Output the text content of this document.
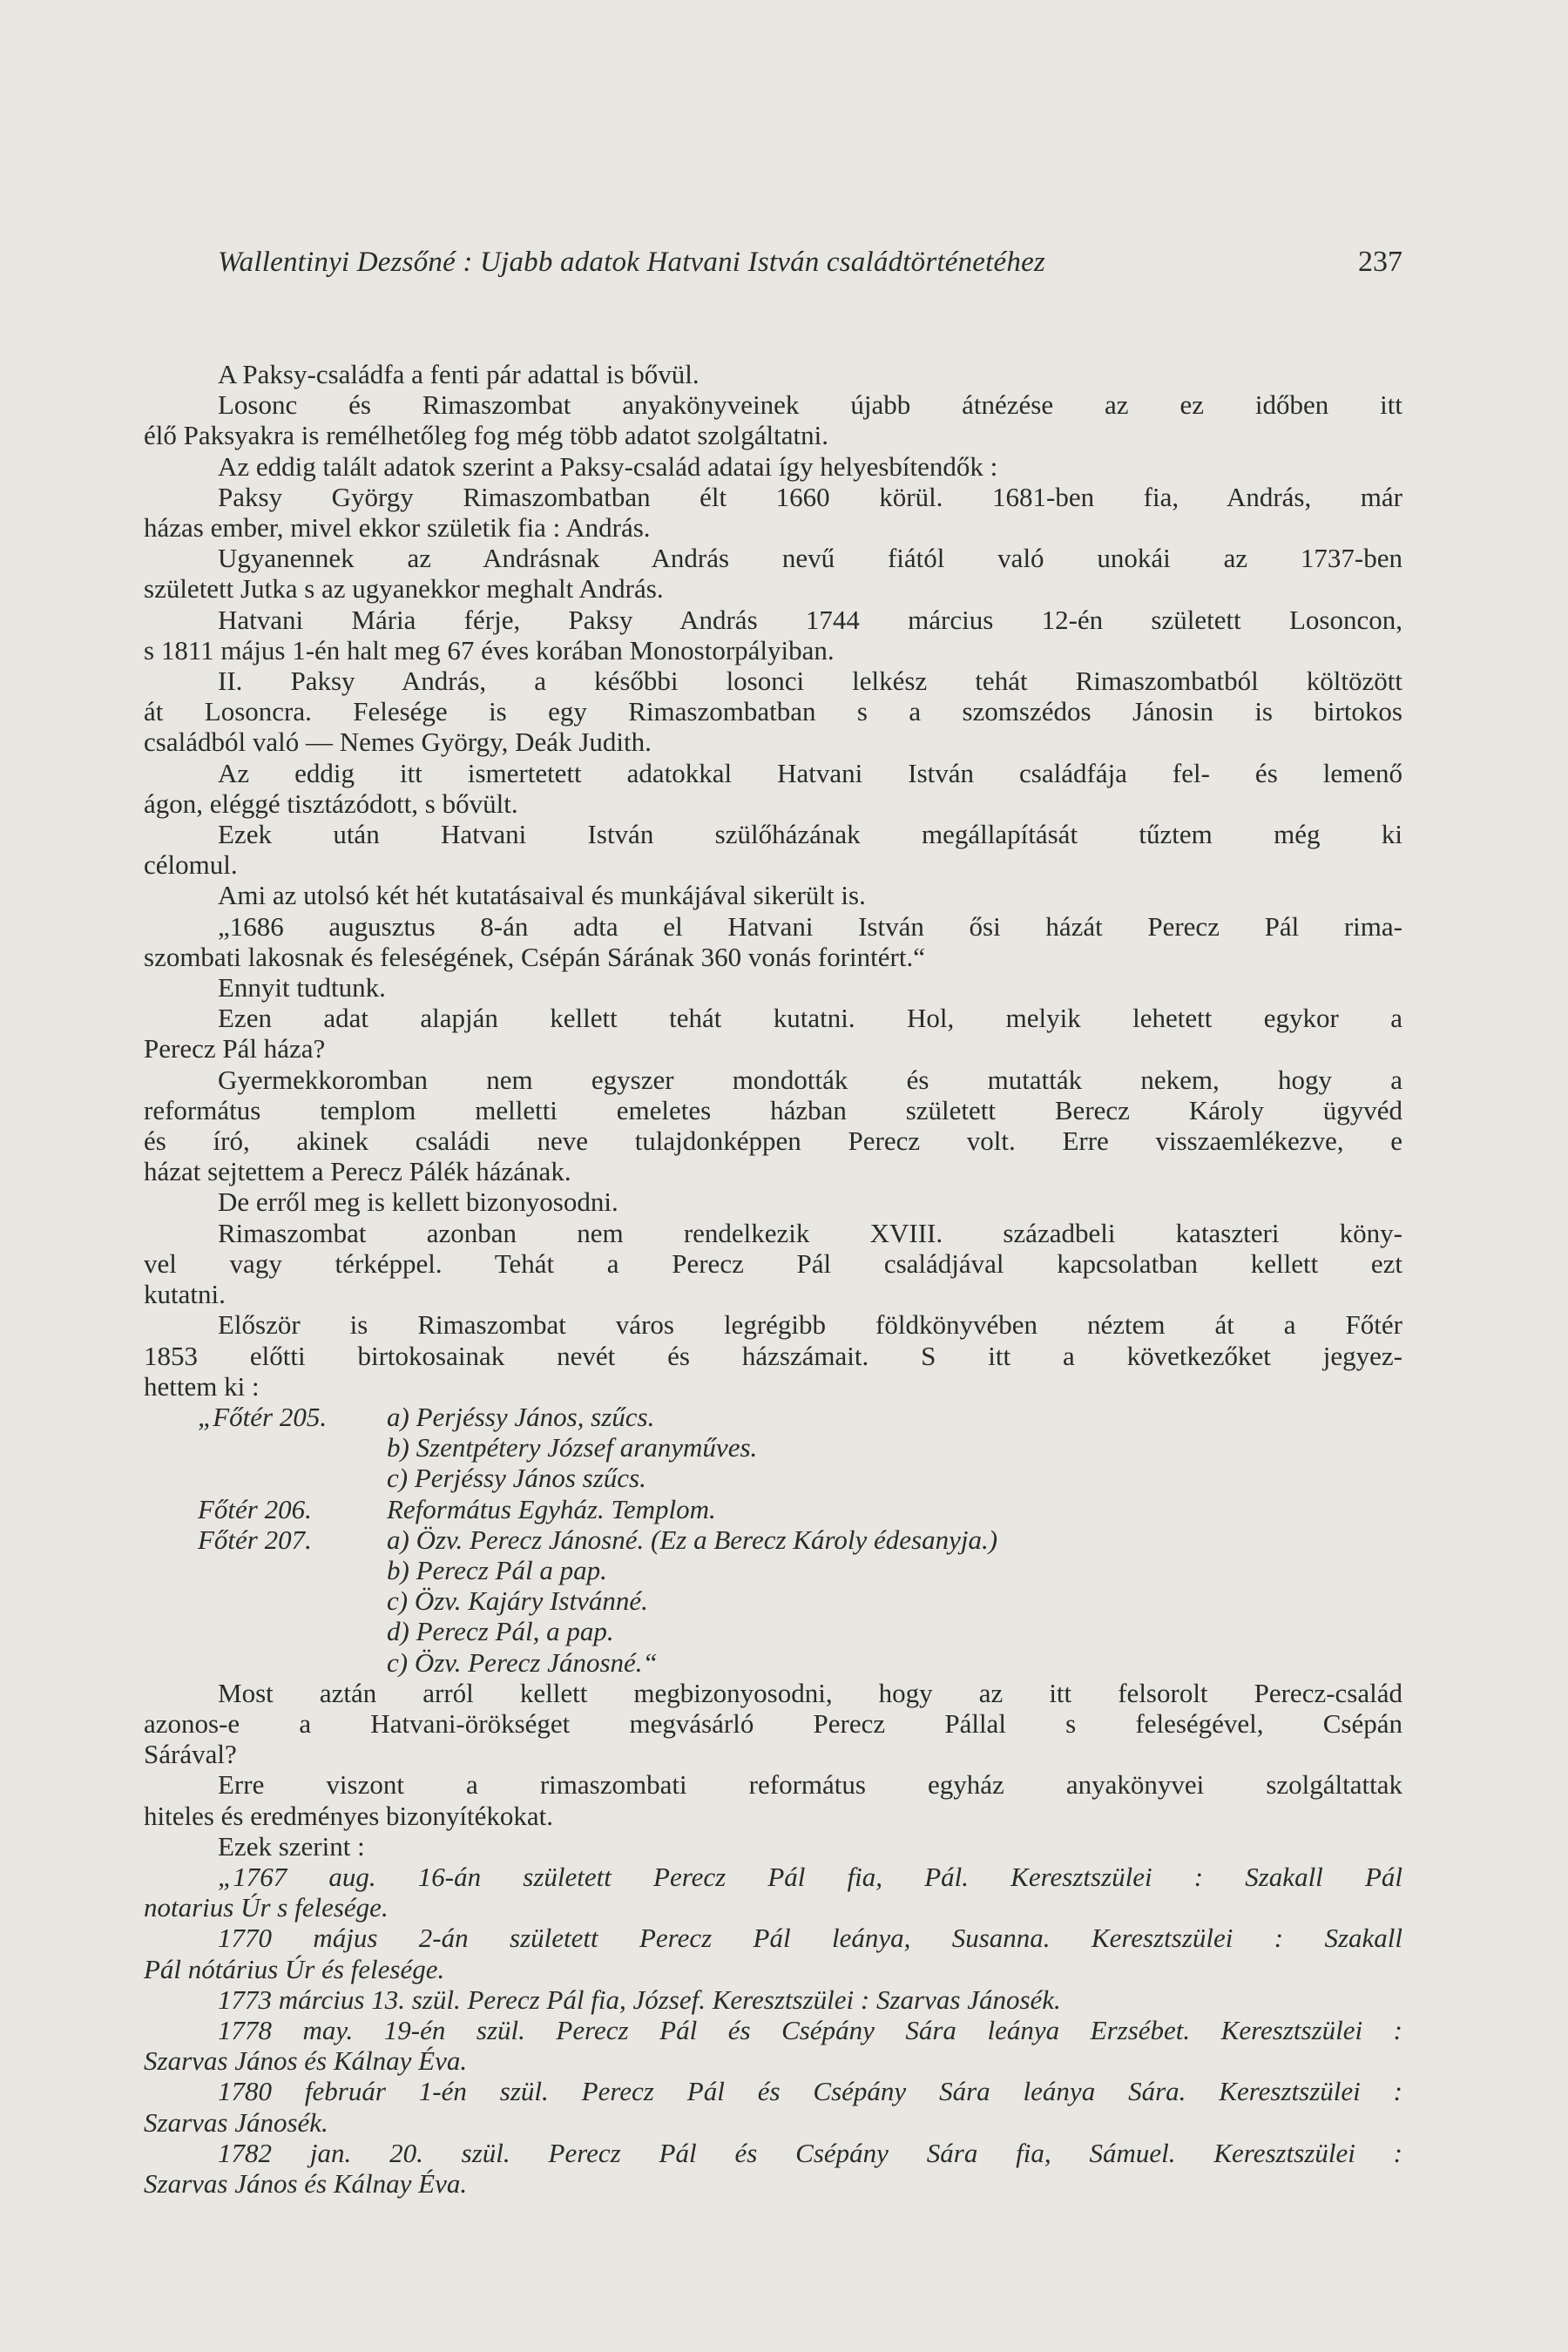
Wallentinyi Dezsőné : Ujabb adatok Hatvani István családtörténetéhez	237
A Paksy-családfa a fenti pár adattal is bővül.
Losonc és Rimaszombat anyakönyveinek újabb átnézése az ez időben itt
élő Paksyakra is remélhetőleg fog még több adatot szolgáltatni.
Az eddig talált adatok szerint a Paksy-család adatai így helyesbítendők :
Paksy György Rimaszombatban élt 1660 körül. 1681-ben fia, András, már
házas ember, mivel ekkor születik fia : András.
Ugyanennek az Andrásnak András nevű fiától való unokái az 1737-ben
született Jutka s az ugyanekkor meghalt András.
Hatvani Mária férje, Paksy András 1744 március 12-én született Losoncon,
s 1811 május 1-én halt meg 67 éves korában Monostorpályiban.
II. Paksy András, a későbbi losonci lelkész tehát Rimaszombatból költözött
át Losoncra. Felesége is egy Rimaszombatban s a szomszédos Jánosin is birtokos
családból való — Nemes György, Deák Judith.
Az eddig itt ismertetett adatokkal Hatvani István családfája fel- és lemenő
ágon, eléggé tisztázódott, s bővült.
Ezek után Hatvani István szülőházának megállapítását tűztem még ki
célomul.
Ami az utolsó két hét kutatásaival és munkájával sikerült is.
„1686 augusztus 8-án adta el Hatvani István ősi házát Perecz Pál rima-
szombati lakosnak és feleségének, Csépán Sárának 360 vonás forintért.“
Ennyit tudtunk.
Ezen adat alapján kellett tehát kutatni. Hol, melyik lehetett egykor a
Perecz Pál háza?
Gyermekkoromban nem egyszer mondották és mutatták nekem, hogy a
református templom melletti emeletes házban született Berecz Károly ügyvéd
és író, akinek családi neve tulajdonképpen Perecz volt. Erre visszaemlékezve, e
házat sejtettem a Perecz Pálék házának.
De erről meg is kellett bizonyosodni.
Rimaszombat azonban nem rendelkezik XVIII. századbeli kataszteri köny-
vel vagy térképpel. Tehát a Perecz Pál családjával kapcsolatban kellett ezt
kutatni.
Először is Rimaszombat város legrégibb földkönyvében néztem át a Főtér
1853 előtti birtokosainak nevét és házszámait. S itt a következőket jegyez-
hettem ki :
„Főtér 205.	a) Perjéssy János, szűcs.
b) Szentpétery József aranyműves.
c) Perjéssy János szűcs.
Főtér 206.	Református Egyház. Templom.
Főtér 207.	a) Özv. Perecz Jánosné. (Ez a Berecz Károly édesanyja.)
b) Perecz Pál a pap.
c) Özv. Kajáry Istvánné.
d) Perecz Pál, a pap.
c) Özv. Perecz Jánosné.“
Most aztán arról kellett megbizonyosodni, hogy az itt felsorolt Perecz-család
azonos-e a Hatvani-örökséget megvásárló Perecz Pállal s feleségével, Csépán
Sárával?
Erre viszont a rimaszombati református egyház anyakönyvei szolgáltattak
hiteles és eredményes bizonyítékokat.
Ezek szerint :
„1767 aug. 16-án született Perecz Pál fia, Pál. Keresztszülei : Szakall Pál
notarius Úr s felesége.
1770 május 2-án született Perecz Pál leánya, Susanna. Keresztszülei : Szakall
Pál nótárius Úr és felesége.
1773 március 13. szül. Perecz Pál fia, József. Keresztszülei : Szarvas Jánosék.
1778 may. 19-én szül. Perecz Pál és Csépány Sára leánya Erzsébet. Keresztszülei :
Szarvas János és Kálnay Éva.
1780 február 1-én szül. Perecz Pál és Csépány Sára leánya Sára. Keresztszülei :
Szarvas Jánosék.
1782 jan. 20. szül. Perecz Pál és Csépány Sára fia, Sámuel. Keresztszülei :
Szarvas János és Kálnay Éva.
